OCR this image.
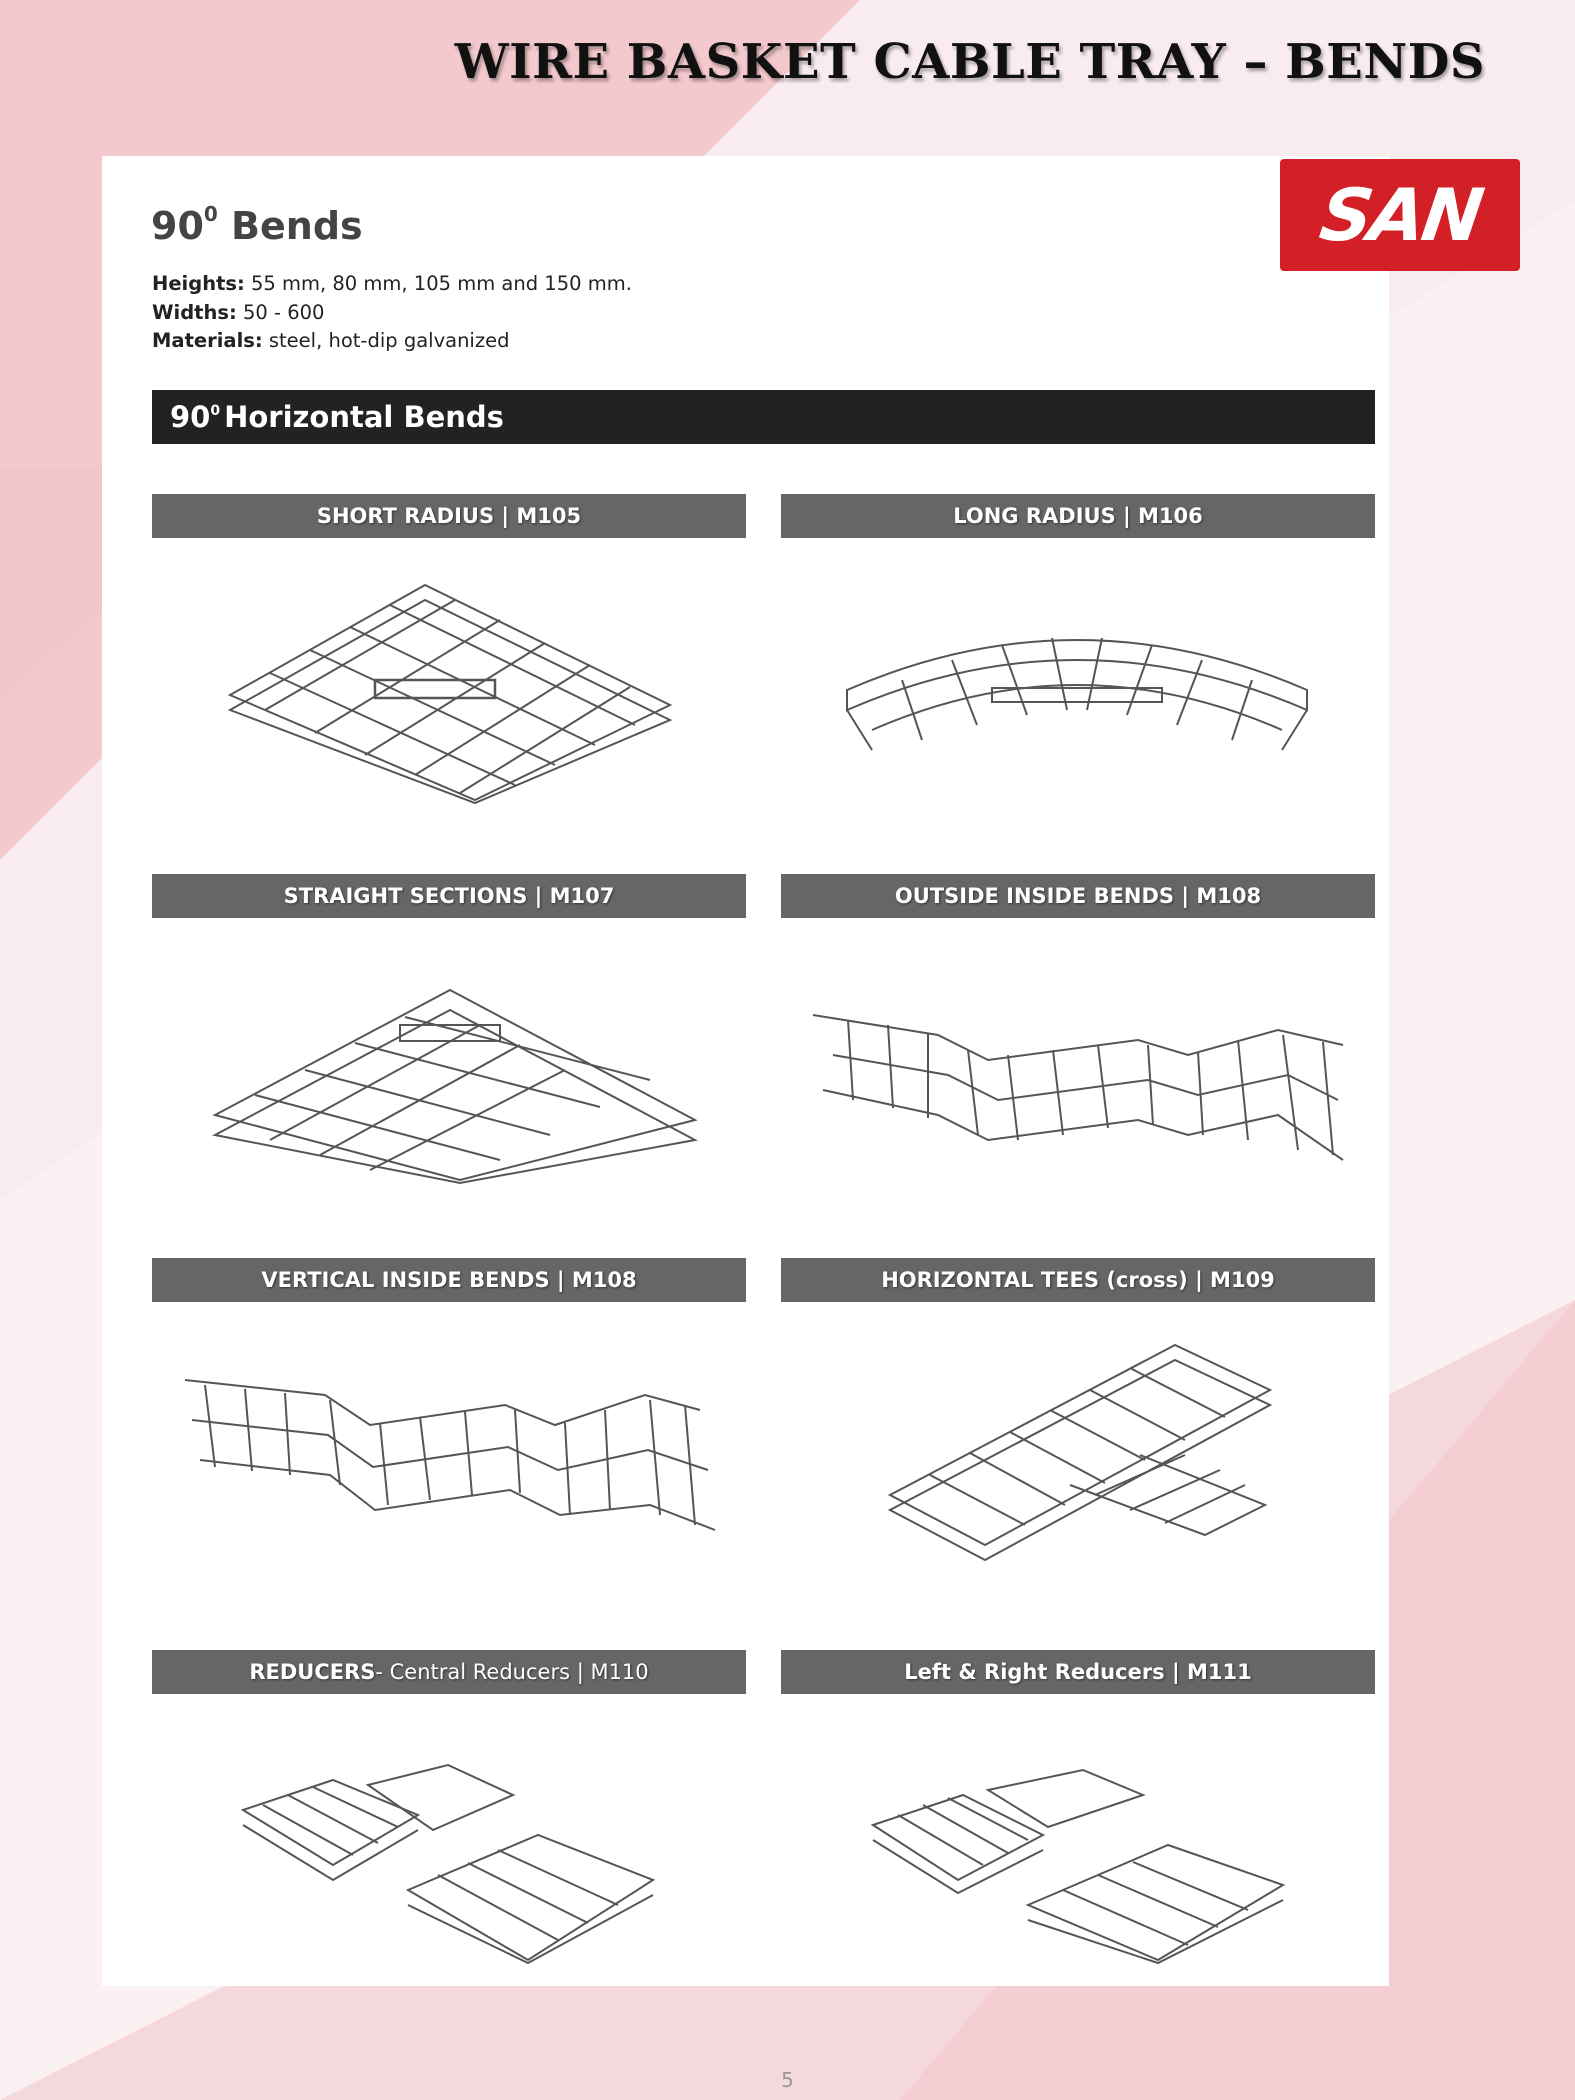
WIRE BASKET CABLE TRAY – BENDS
SAN
$90^0$ Bends
Heights: 55 mm, 80 mm, 105 mm and 150 mm.
Widths: 50 - 600
Materials: steel, hot-dip galvanized
$90^0$ Horizontal Bends
SHORT RADIUS | M105	LONG RADIUS | M106
STRAIGHT SECTIONS | M107	OUTSIDE INSIDE BENDS | M108
VERTICAL INSIDE BENDS | M108	HORIZONTAL TEES (cross) | M109
REDUCERS - Central Reducers | M110	Left & Right Reducers | M111
5
